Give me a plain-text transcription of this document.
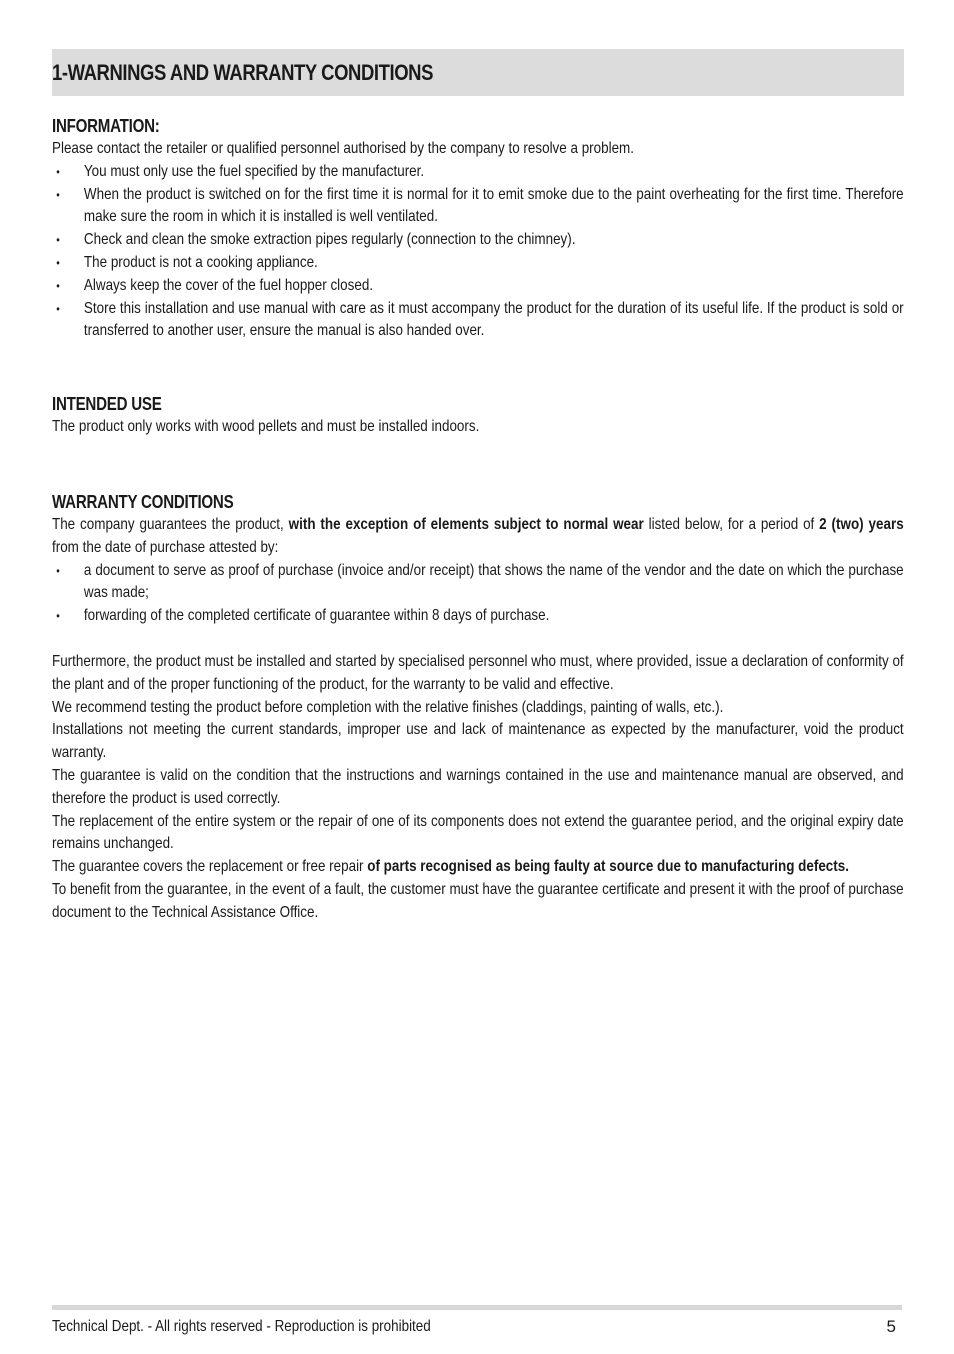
1-WARNINGS AND WARRANTY CONDITIONS
INFORMATION:

Please contact the retailer or qualified personnel authorised by the company to resolve a problem.

• You must only use the fuel specified by the manufacturer.
• When the product is switched on for the first time it is normal for it to emit smoke due to the paint overheating for the first time. Therefore make sure the room in which it is installed is well ventilated.
• Check and clean the smoke extraction pipes regularly (connection to the chimney).
• The product is not a cooking appliance.
• Always keep the cover of the fuel hopper closed.
• Store this installation and use manual with care as it must accompany the product for the duration of its useful life. If the product is sold or transferred to another user, ensure the manual is also handed over.
INTENDED USE

The product only works with wood pellets and must be installed indoors.

WARRANTY CONDITIONS

The company guarantees the product, with the exception of elements subject to normal wear listed below, for a period of 2 (two) years from the date of purchase attested by:

• a document to serve as proof of purchase (invoice and/or receipt) that shows the name of the vendor and the date on which the purchase was made;
• forwarding of the completed certificate of guarantee within 8 days of purchase.

Furthermore, the product must be installed and started by specialised personnel who must, where provided, issue a declaration of conformity of the plant and of the proper functioning of the product, for the warranty to be valid and effective.

We recommend testing the product before completion with the relative finishes (claddings, painting of walls, etc.).

Installations not meeting the current standards, improper use and lack of maintenance as expected by the manufacturer, void the product warranty.

The guarantee is valid on the condition that the instructions and warnings contained in the use and maintenance manual are observed, and therefore the product is used correctly.

The replacement of the entire system or the repair of one of its components does not extend the guarantee period, and the original expiry date remains unchanged.

The guarantee covers the replacement or free repair of parts recognised as being faulty at source due to manufacturing defects.

To benefit from the guarantee, in the event of a fault, the customer must have the guarantee certificate and present it with the proof of purchase document to the Technical Assistance Office.

Technical Dept. - All rights reserved - Reproduction is prohibited	5
